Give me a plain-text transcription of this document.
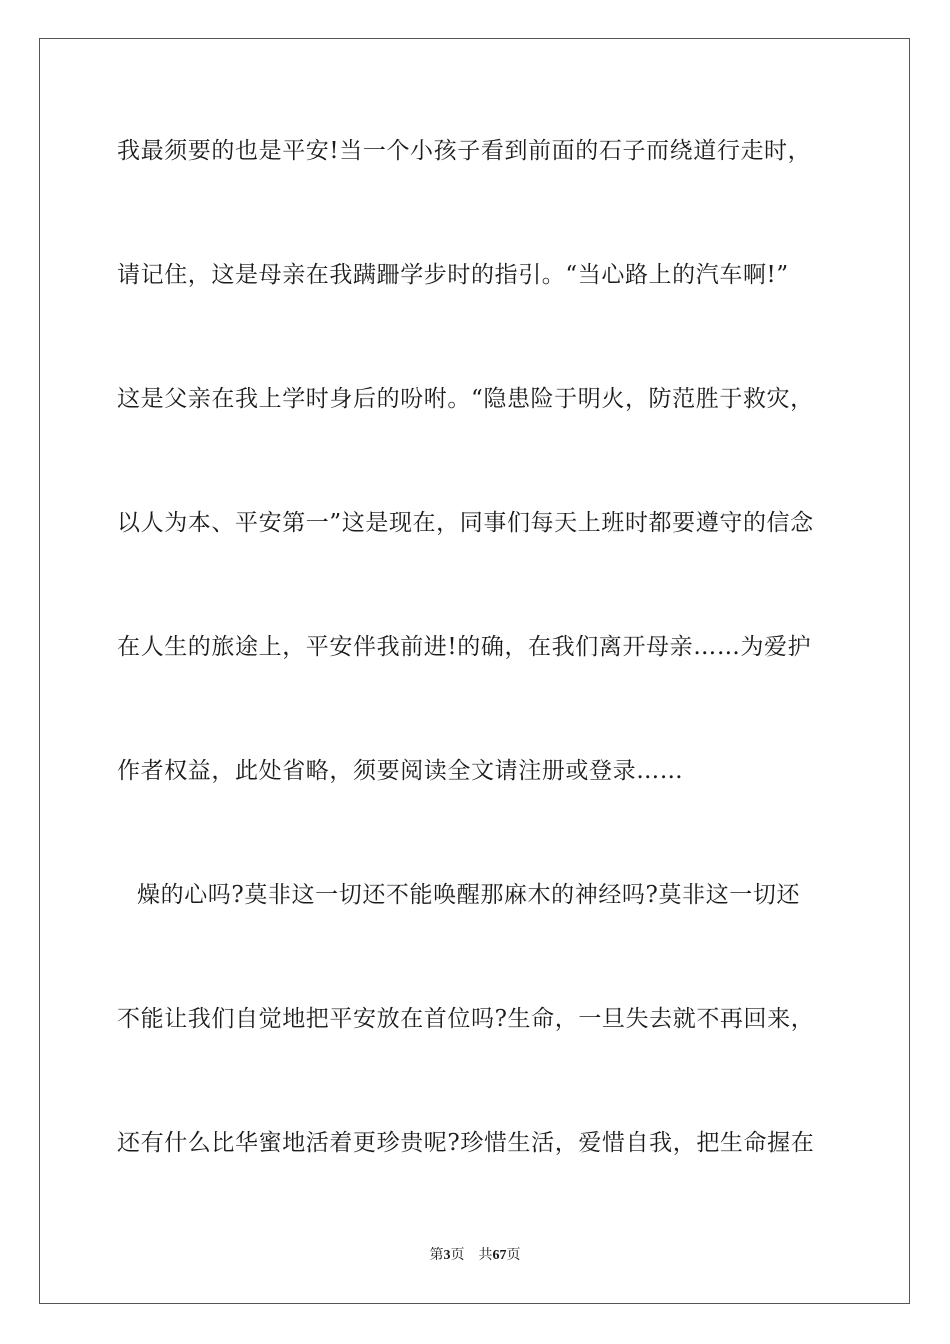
我最须要的也是平安!当一个小孩子看到前面的石子而绕道行走时，
请记住，这是母亲在我蹒跚学步时的指引。“当心路上的汽车啊!”
这是父亲在我上学时身后的吩咐。“隐患险于明火，防范胜于救灾，
以人为本、平安第一”这是现在，同事们每天上班时都要遵守的信念
在人生的旅途上，平安伴我前进!的确，在我们离开母亲……为爱护
作者权益，此处省略，须要阅读全文请注册或登录……
燥的心吗?莫非这一切还不能唤醒那麻木的神经吗?莫非这一切还
不能让我们自觉地把平安放在首位吗?生命，一旦失去就不再回来，
还有什么比华蜜地活着更珍贵呢?珍惜生活，爱惜自我，把生命握在
第3页 共67页
